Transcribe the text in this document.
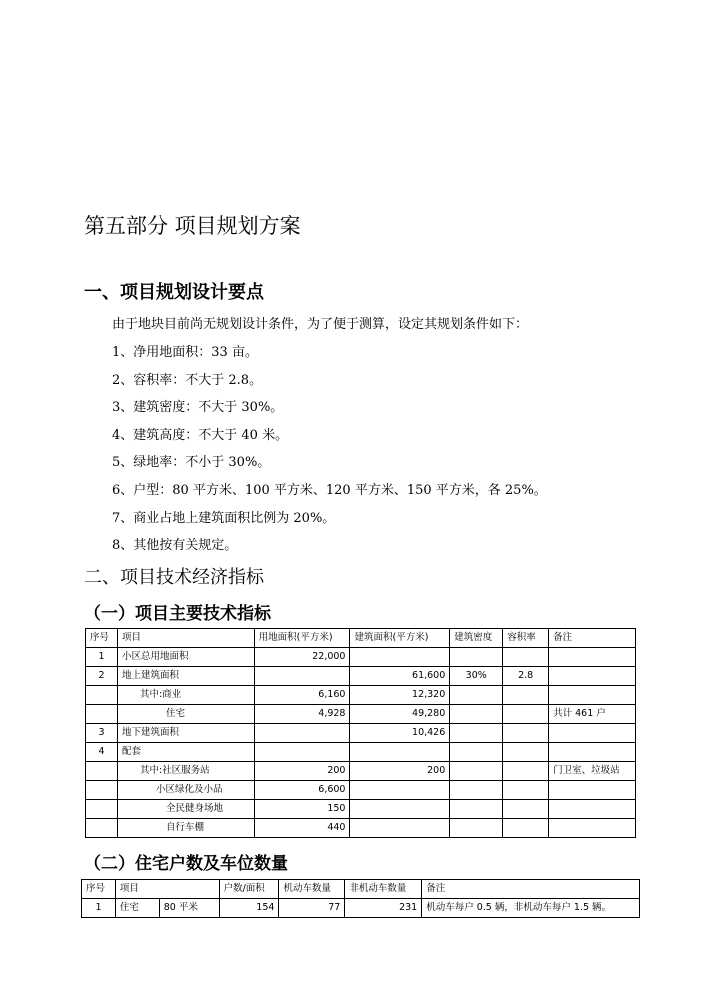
第五部分 项目规划方案
一、项目规划设计要点
由于地块目前尚无规划设计条件，为了便于测算，设定其规划条件如下：
1、净用地面积：33 亩。
2、容积率：不大于 2.8。
3、建筑密度：不大于 30%。
4、建筑高度：不大于 40 米。
5、绿地率：不小于 30%。
6、户型：80 平方米、100 平方米、120 平方米、150 平方米，各 25%。
7、商业占地上建筑面积比例为 20%。
8、其他按有关规定。
二、项目技术经济指标
（一）项目主要技术指标
序号	项目	用地面积(平方米)	建筑面积(平方米)	建筑密度	容积率	备注
1	小区总用地面积	22,000				
2	地上建筑面积		61,600	30%	2.8	
	其中:商业	6,160	12,320			
	住宅	4,928	49,280			共计 461 户
3	地下建筑面积		10,426			
4	配套					
	其中:社区服务站	200	200			门卫室、垃圾站
	小区绿化及小品	6,600				
	全民健身场地	150				
	自行车棚	440				
（二）住宅户数及车位数量
序号	项目		户数/面积	机动车数量	非机动车数量	备注
1	住宅	80 平米	154	77	231	机动车每户 0.5 辆，非机动车每户 1.5 辆。
